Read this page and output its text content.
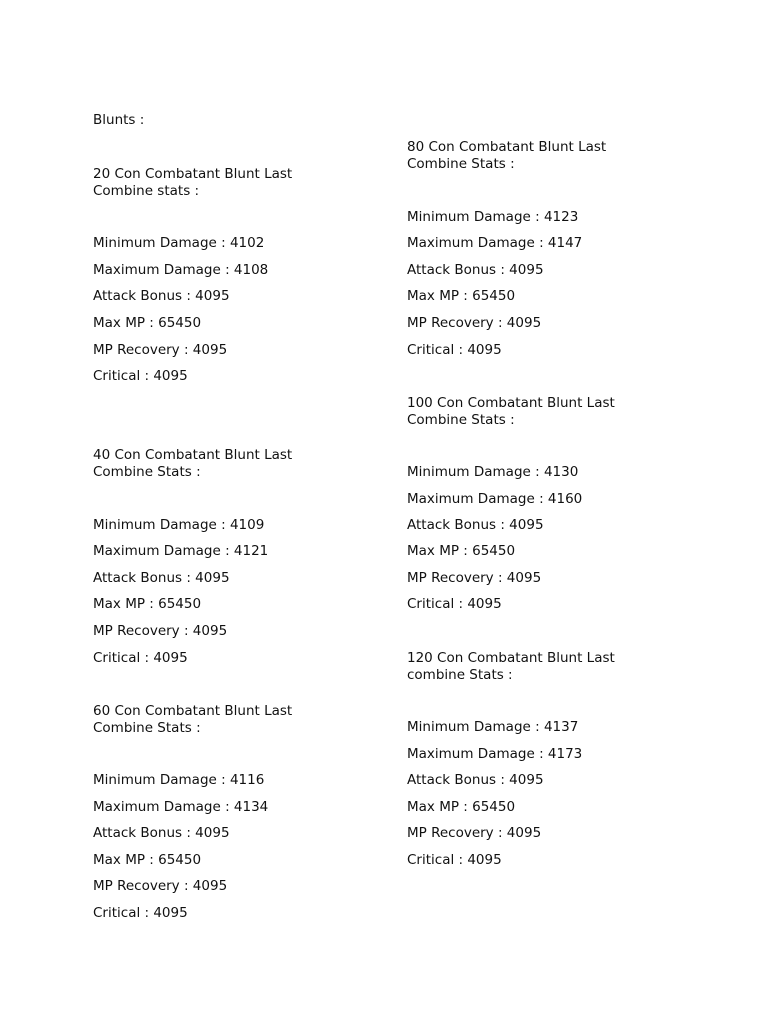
Blunts :

20 Con Combatant Blunt Last Combine stats :

Minimum Damage : 4102

Maximum Damage : 4108

Attack Bonus : 4095

Max MP : 65450

MP Recovery : 4095

Critical : 4095

40 Con Combatant Blunt Last Combine Stats :

Minimum Damage : 4109

Maximum Damage : 4121

Attack Bonus : 4095

Max MP : 65450

MP Recovery : 4095

Critical : 4095

60 Con Combatant Blunt Last Combine Stats :

Minimum Damage : 4116

Maximum Damage : 4134

Attack Bonus : 4095

Max MP : 65450

MP Recovery : 4095

Critical : 4095

80 Con Combatant Blunt Last Combine Stats :

Minimum Damage : 4123

Maximum Damage : 4147

Attack Bonus : 4095

Max MP : 65450

MP Recovery : 4095

Critical : 4095

100 Con Combatant Blunt Last Combine Stats :

Minimum Damage : 4130

Maximum Damage : 4160

Attack Bonus : 4095

Max MP : 65450

MP Recovery : 4095

Critical : 4095

120 Con Combatant Blunt Last combine Stats :

Minimum Damage : 4137

Maximum Damage : 4173

Attack Bonus : 4095

Max MP : 65450

MP Recovery : 4095

Critical : 4095
